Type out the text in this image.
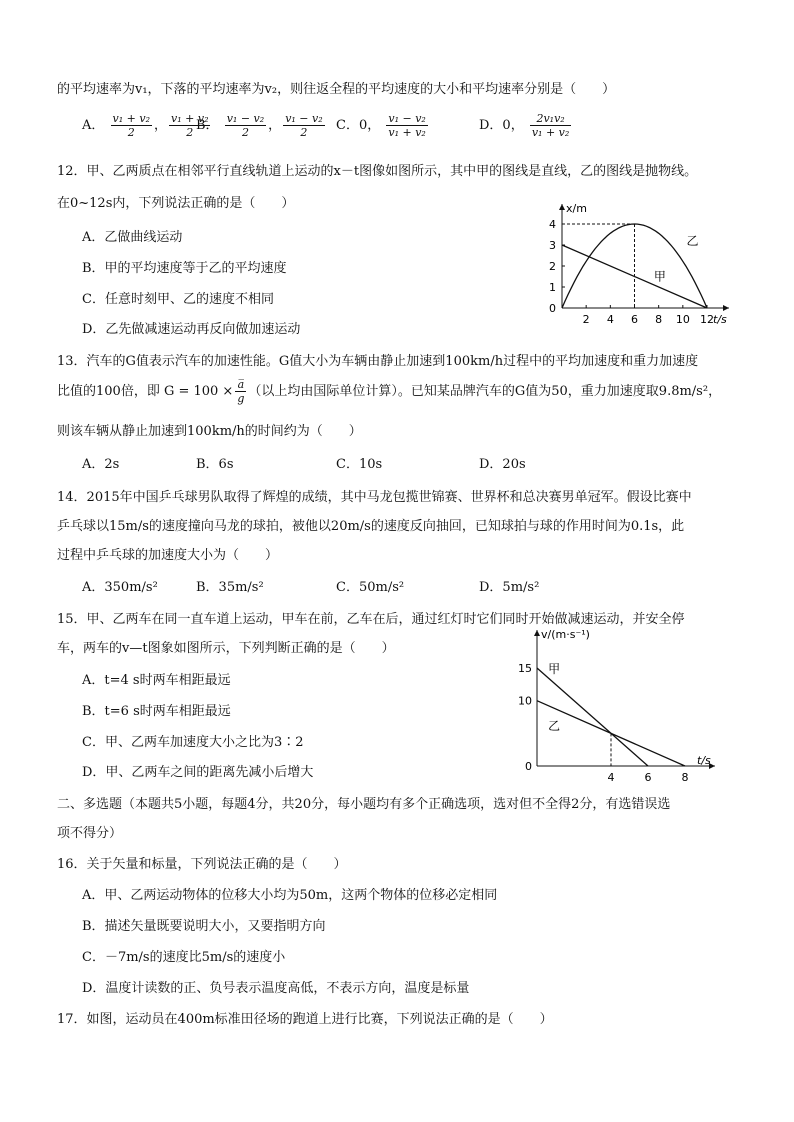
的平均速率为v₁，下落的平均速率为v₂，则往返全程的平均速度的大小和平均速率分别是（　　）
A． $\frac{\text{v₁ + v₂}}{2}$ ， $\frac{\text{v₁ + v₂}}{2}$
B． $\frac{\text{v₁ − v₂}}{2}$ ， $\frac{\text{v₁ − v₂}}{2}$ C．0， $\frac{\text{v₁ − v₂}}{\text{v₁ + v₂}}$	D．0， $\frac{\text{2v₁v₂}}{\text{v₁ + v₂}}$
12．甲、乙两质点在相邻平行直线轨道上运动的x－t图像如图所示，其中甲的图线是直线，乙的图线是抛物线。
在0~12s内，下列说法正确的是（　　）
A．乙做曲线运动
B．甲的平均速度等于乙的平均速度
C．任意时刻甲、乙的速度不相同
D．乙先做减速运动再反向做加速运动
x/m
t/s
2 4 6 8 10 12
0
1
2
3
4
甲
乙
13．汽车的G值表示汽车的加速性能。G值大小为车辆由静止加速到100km/h过程中的平均加速度和重力加速度
比值的100倍，即 $G = 100 \times \frac{a̅}{g}$ （以上均由国际单位计算）。已知某品牌汽车的G值为50，重力加速度取9.8m/s²，
则该车辆从静止加速到100km/h的时间约为（　　）
A．2s	B．6s	C．10s	D．20s
14．2015年中国乒乓球男队取得了辉煌的成绩，其中马龙包揽世锦赛、世界杯和总决赛男单冠军。假设比赛中
乒乓球以15m/s的速度撞向马龙的球拍，被他以20m/s的速度反向抽回，已知球拍与球的作用时间为0.1s，此
过程中乒乓球的加速度大小为（　　）
A．350m/s²	B．35m/s²	C．50m/s²	D．5m/s²
15．甲、乙两车在同一直车道上运动，甲车在前，乙车在后，通过红灯时它们同时开始做减速运动，并安全停
车，两车的v—t图象如图所示，下列判断正确的是（　　）
A．t=4 s时两车相距最远
B．t=6 s时两车相距最远
C．甲、乙两车加速度大小之比为3∶2
D．甲、乙两车之间的距离先减小后增大
v/(m·s⁻¹)
t/s
4	6	8
0
10
15 甲
乙
二、多选题（本题共5小题，每题4分，共20分，每小题均有多个正确选项，选对但不全得2分，有选错误选
项不得分）
16．关于矢量和标量，下列说法正确的是（　　）
A．甲、乙两运动物体的位移大小均为50m，这两个物体的位移必定相同
B．描述矢量既要说明大小，又要指明方向
C．－7m/s的速度比5m/s的速度小
D．温度计读数的正、负号表示温度高低，不表示方向，温度是标量
17．如图，运动员在400m标准田径场的跑道上进行比赛，下列说法正确的是（　　）
